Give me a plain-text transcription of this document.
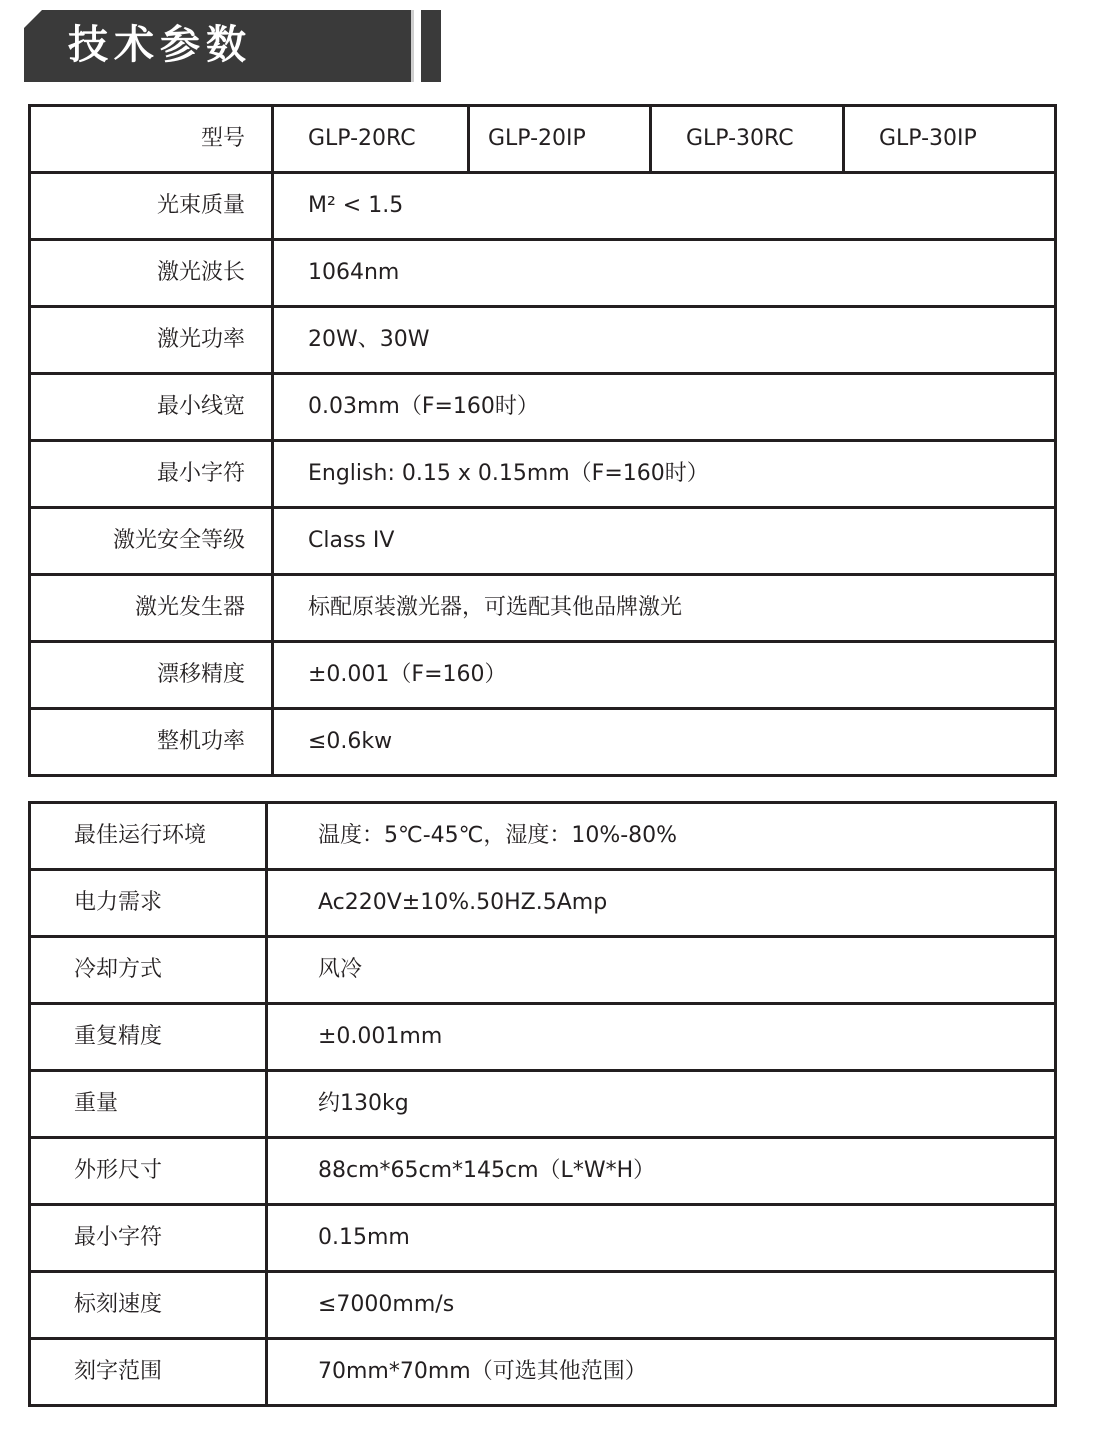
技术参数
型号	GLP-20RC	GLP-20IP	GLP-30RC	GLP-30IP
光束质量	M² < 1.5			
激光波长	1064nm			
激光功率	20W、30W			
最小线宽	0.03mm（F=160时）			
最小字符	English: 0.15 x 0.15mm（F=160时）			
激光安全等级	Class IV			
激光发生器	标配原装激光器，可选配其他品牌激光			
漂移精度	±0.001（F=160）			
整机功率	≤0.6kw			
最佳运行环境	温度：5℃-45℃，湿度：10%-80%
电力需求	Ac220V±10%.50HZ.5Amp
冷却方式	风冷
重复精度	±0.001mm
重量	约130kg
外形尺寸	88cm*65cm*145cm（L*W*H）
最小字符	0.15mm
标刻速度	≤7000mm/s
刻字范围	70mm*70mm（可选其他范围）
